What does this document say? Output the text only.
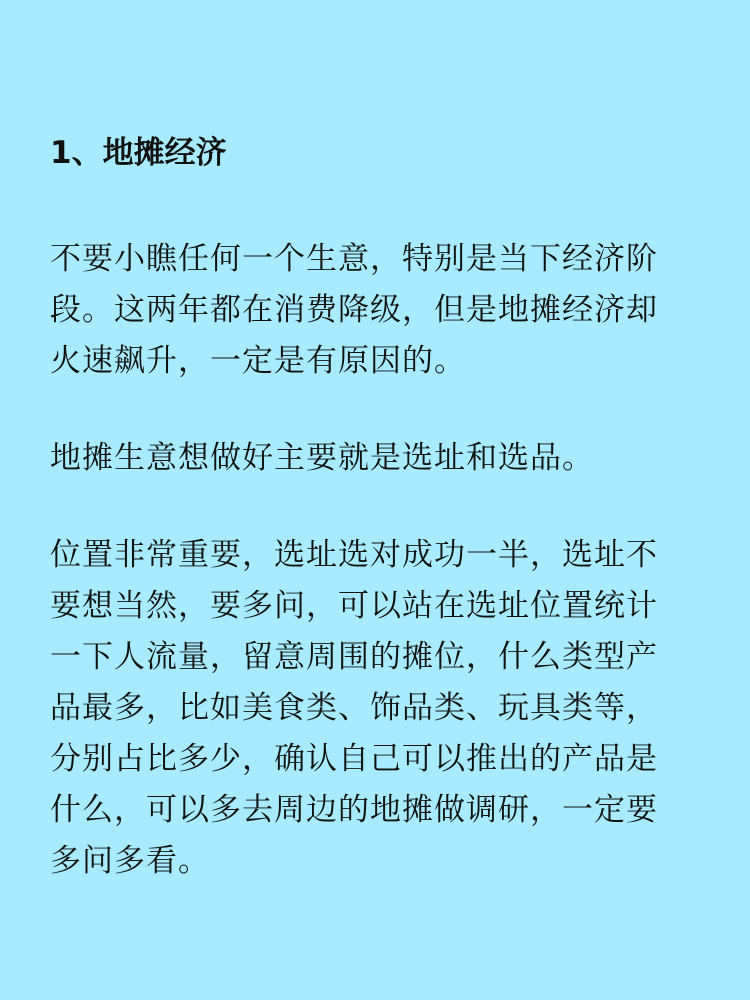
1、地摊经济

不要小瞧任何一个生意，特别是当下经济阶
段。这两年都在消费降级，但是地摊经济却
火速飙升，一定是有原因的。

地摊生意想做好主要就是选址和选品。

位置非常重要，选址选对成功一半，选址不
要想当然，要多问，可以站在选址位置统计
一下人流量，留意周围的摊位，什么类型产
品最多，比如美食类、饰品类、玩具类等，
分别占比多少，确认自己可以推出的产品是
什么，可以多去周边的地摊做调研，一定要
多问多看。
